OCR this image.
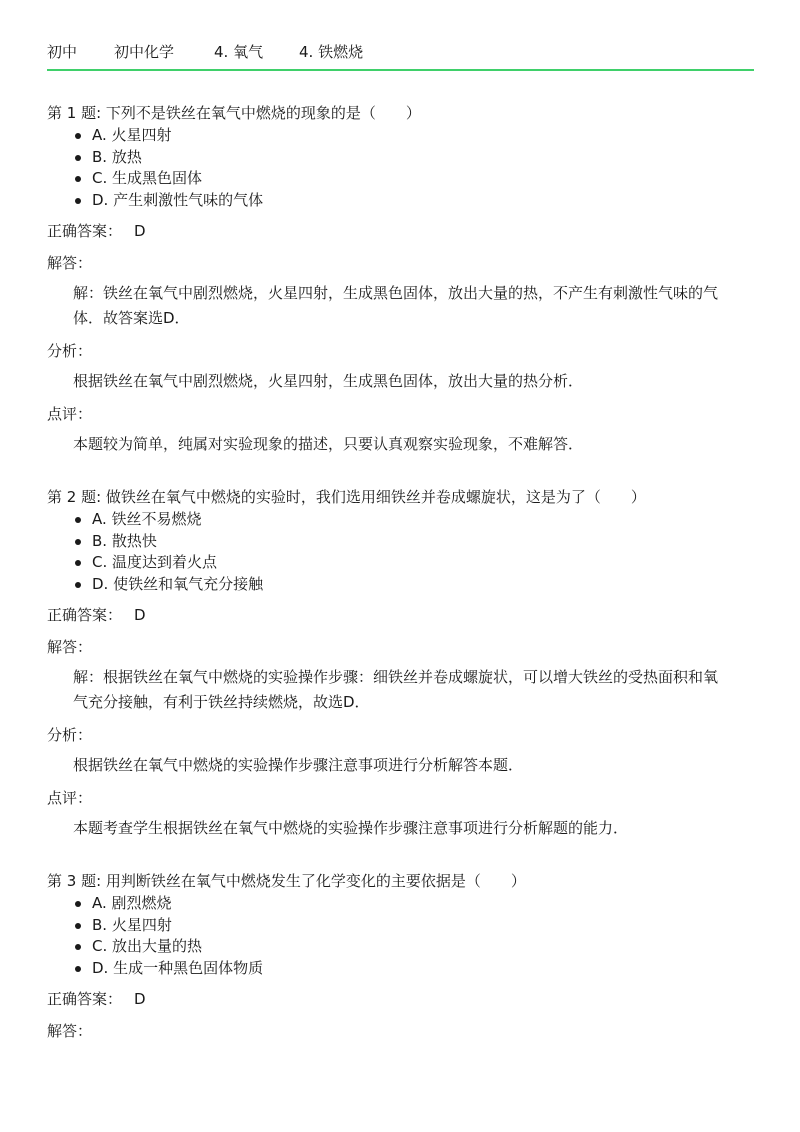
初中	初中化学	4. 氧气	4. 铁燃烧
第 1 题: 下列不是铁丝在氧气中燃烧的现象的是（　　）
A. 火星四射
B. 放热
C. 生成黑色固体
D. 产生刺激性气味的气体
正确答案： D
解答：
解：铁丝在氧气中剧烈燃烧，火星四射，生成黑色固体，放出大量的热，不产生有刺激性气味的气体．故答案选D．
分析：
根据铁丝在氧气中剧烈燃烧，火星四射，生成黑色固体，放出大量的热分析．
点评：
本题较为简单，纯属对实验现象的描述，只要认真观察实验现象，不难解答．
第 2 题: 做铁丝在氧气中燃烧的实验时，我们选用细铁丝并卷成螺旋状，这是为了（　　）
A. 铁丝不易燃烧
B. 散热快
C. 温度达到着火点
D. 使铁丝和氧气充分接触
正确答案： D
解答：
解：根据铁丝在氧气中燃烧的实验操作步骤：细铁丝并卷成螺旋状，可以增大铁丝的受热面积和氧气充分接触，有利于铁丝持续燃烧，故选D．
分析：
根据铁丝在氧气中燃烧的实验操作步骤注意事项进行分析解答本题．
点评：
本题考查学生根据铁丝在氧气中燃烧的实验操作步骤注意事项进行分析解题的能力．
第 3 题: 用判断铁丝在氧气中燃烧发生了化学变化的主要依据是（　　）
A. 剧烈燃烧
B. 火星四射
C. 放出大量的热
D. 生成一种黑色固体物质
正确答案： D
解答：
